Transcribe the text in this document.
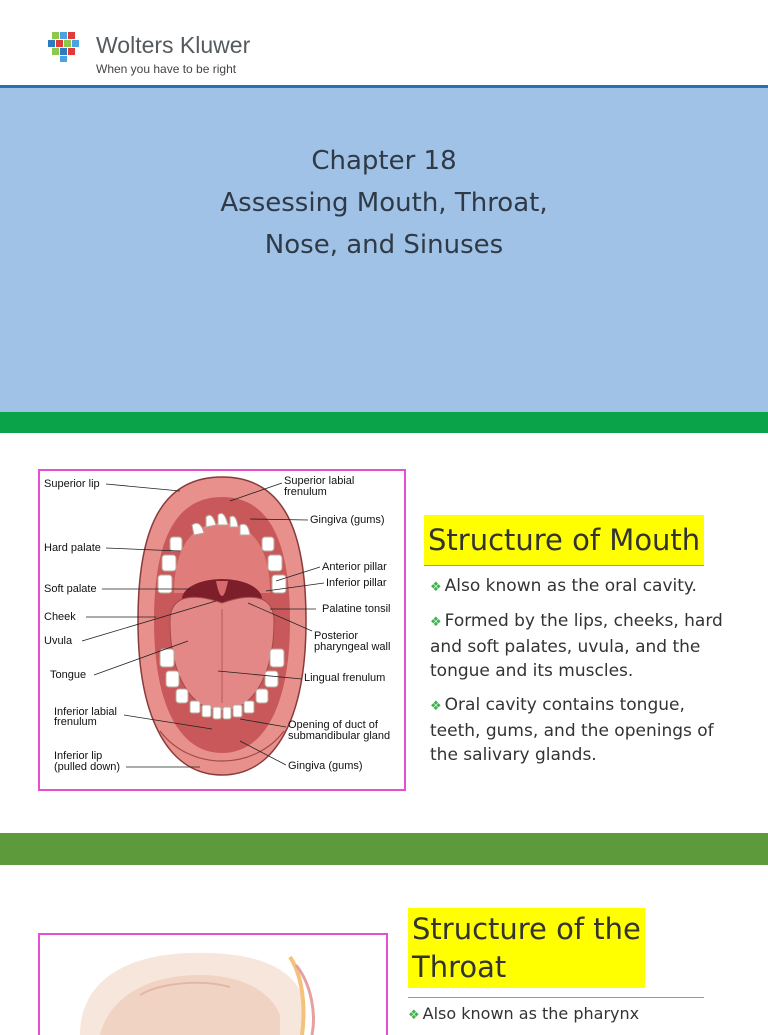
Wolters Kluwer
When you have to be right
Chapter 18
Assessing Mouth, Throat,
Nose, and Sinuses
Superior lip
Hard palate
Soft palate
Cheek
Uvula
Tongue
Inferior labial
frenulum
Inferior lip
(pulled down)
Superior labial
frenulum
Gingiva (gums)
Anterior pillar
Inferior pillar
Palatine tonsil
Posterior
pharyngeal wall
Lingual frenulum
Opening of duct of
submandibular gland
Gingiva (gums)
Structure of Mouth
❖ Also known as the oral cavity.
❖ Formed by the lips, cheeks, hard and soft palates, uvula, and the tongue and its muscles.
❖ Oral cavity contains tongue, teeth, gums, and the openings of the salivary glands.
Structure of the
Throat
❖ Also known as the pharynx
